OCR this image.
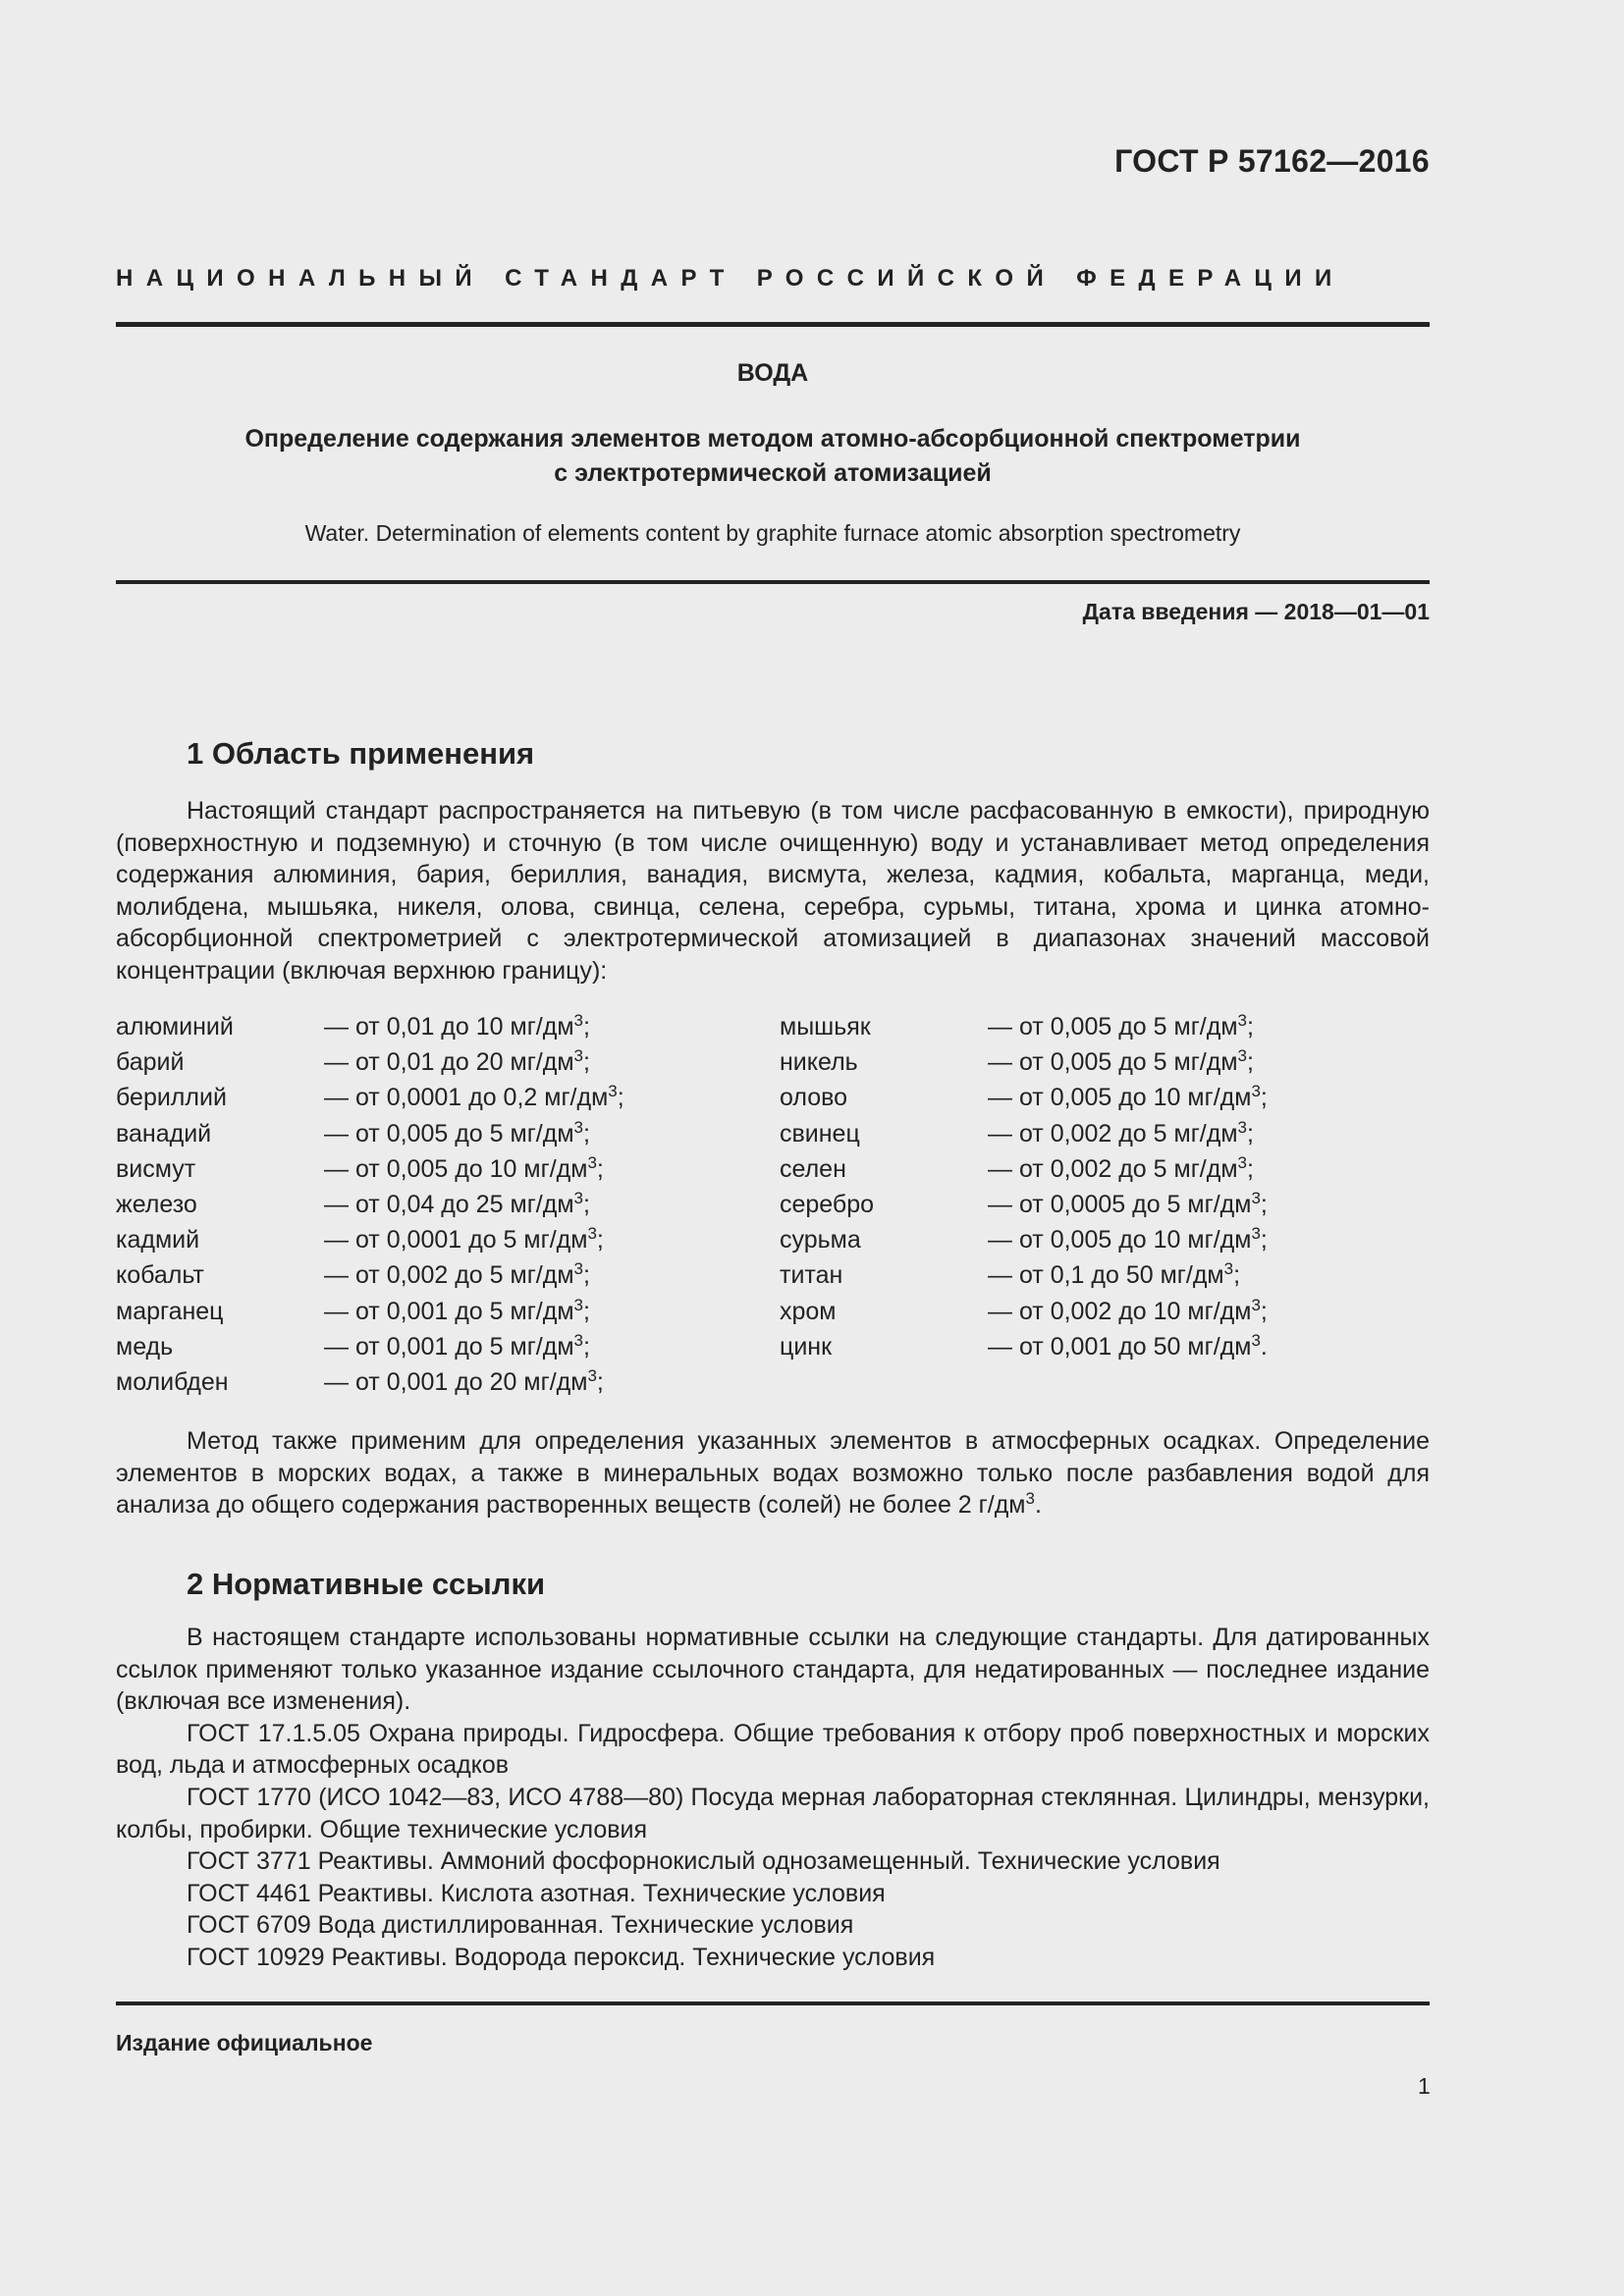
ГОСТ Р 57162—2016
НАЦИОНАЛЬНЫЙ СТАНДАРТ РОССИЙСКОЙ ФЕДЕРАЦИИ
ВОДА
Определение содержания элементов методом атомно-абсорбционной спектрометрии
с электротермической атомизацией
Water. Determination of elements content by graphite furnace atomic absorption spectrometry
Дата введения — 2018—01—01
1 Область применения

Настоящий стандарт распространяется на питьевую (в том числе расфасованную в емкости), природную (поверхностную и подземную) и сточную (в том числе очищенную) воду и устанавливает метод определения содержания алюминия, бария, бериллия, ванадия, висмута, железа, кадмия, кобальта, марганца, меди, молибдена, мышьяка, никеля, олова, свинца, селена, серебра, сурьмы, титана, хрома и цинка атомно-абсорбционной спектрометрией с электротермической атомизацией в диапазонах значений массовой концентрации (включая верхнюю границу):

алюминий	— от 0,01 до 10 $мг/дм^3$;
барий	— от 0,01 до 20 $мг/дм^3$;
бериллий	— от 0,0001 до 0,2 $мг/дм^3$;
ванадий	— от 0,005 до 5 $мг/дм^3$;
висмут	— от 0,005 до 10 $мг/дм^3$;
железо	— от 0,04 до 25 $мг/дм^3$;
кадмий	— от 0,0001 до 5 $мг/дм^3$;
кобальт	— от 0,002 до 5 $мг/дм^3$;
марганец	— от 0,001 до 5 $мг/дм^3$;
медь	— от 0,001 до 5 $мг/дм^3$;
молибден	— от 0,001 до 20 $мг/дм^3$;
мышьяк	— от 0,005 до 5 $мг/дм^3$;
никель	— от 0,005 до 5 $мг/дм^3$;
олово	— от 0,005 до 10 $мг/дм^3$;
свинец	— от 0,002 до 5 $мг/дм^3$;
селен	— от 0,002 до 5 $мг/дм^3$;
серебро	— от 0,0005 до 5 $мг/дм^3$;
сурьма	— от 0,005 до 10 $мг/дм^3$;
титан	— от 0,1 до 50 $мг/дм^3$;
хром	— от 0,002 до 10 $мг/дм^3$;
цинк	— от 0,001 до 50 $мг/дм^3$.

Метод также применим для определения указанных элементов в атмосферных осадках. Определение элементов в морских водах, а также в минеральных водах возможно только после разбавления водой для анализа до общего содержания растворенных веществ (солей) не более 2 $г/дм^3$.

2 Нормативные ссылки

В настоящем стандарте использованы нормативные ссылки на следующие стандарты. Для датированных ссылок применяют только указанное издание ссылочного стандарта, для недатированных — последнее издание (включая все изменения).

ГОСТ 17.1.5.05 Охрана природы. Гидросфера. Общие требования к отбору проб поверхностных и морских вод, льда и атмосферных осадков

ГОСТ 1770 (ИСО 1042—83, ИСО 4788—80) Посуда мерная лабораторная стеклянная. Цилиндры, мензурки, колбы, пробирки. Общие технические условия

ГОСТ 3771 Реактивы. Аммоний фосфорнокислый однозамещенный. Технические условия

ГОСТ 4461 Реактивы. Кислота азотная. Технические условия

ГОСТ 6709 Вода дистиллированная. Технические условия

ГОСТ 10929 Реактивы. Водорода пероксид. Технические условия

Издание официальное
1
